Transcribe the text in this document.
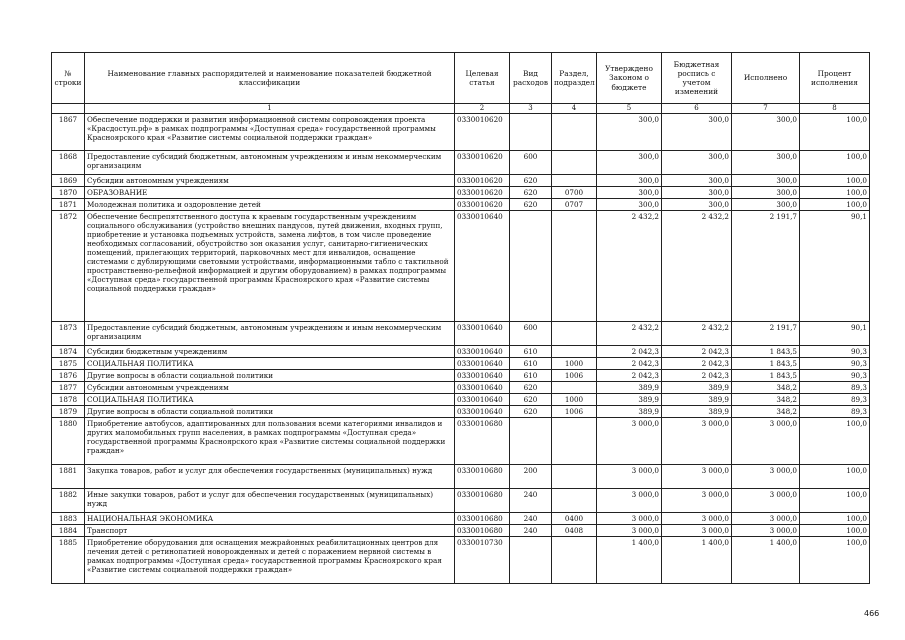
№ строки	Наименование главных распорядителей и наименование показателей бюджетной классификации	Целевая статья	Вид расходов	Раздел, подраздел	Утверждено Законом о бюджете	Бюджетная роспись с учетом изменений	Исполнено	Процент исполнения
	1	2	3	4	5	6	7	8
1867	Обеспечение поддержки и развития информационной системы сопровождения проекта «Красдоступ.рф» в рамках подпрограммы «Доступная среда» государственной программы Красноярского края «Развитие системы социальной поддержки граждан»	0330010620			300,0	300,0	300,0	100,0
1868	Предоставление субсидий бюджетным, автономным учреждениям и иным некоммерческим организациям	0330010620	600		300,0	300,0	300,0	100,0
1869	Субсидии автономным учреждениям	0330010620	620		300,0	300,0	300,0	100,0
1870	ОБРАЗОВАНИЕ	0330010620	620	0700	300,0	300,0	300,0	100,0
1871	Молодежная политика и оздоровление детей	0330010620	620	0707	300,0	300,0	300,0	100,0
1872	Обеспечение беспрепятственного доступа к краевым государственным учреждениям социального обслуживания (устройство внешних пандусов, путей движения, входных групп, приобретение и установка подъемных устройств, замена лифтов, в том числе проведение необходимых согласований, обустройство зон оказания услуг, санитарно-гигиенических помещений, прилегающих территорий, парковочных мест для инвалидов, оснащение системами с дублирующими световыми устройствами, информационными табло с тактильной пространственно-рельефной информацией и другим оборудованием) в рамках подпрограммы «Доступная среда» государственной программы Красноярского края «Развитие системы социальной поддержки граждан»	0330010640			2 432,2	2 432,2	2 191,7	90,1
1873	Предоставление субсидий бюджетным, автономным учреждениям и иным некоммерческим организациям	0330010640	600		2 432,2	2 432,2	2 191,7	90,1
1874	Субсидии бюджетным учреждениям	0330010640	610		2 042,3	2 042,3	1 843,5	90,3
1875	СОЦИАЛЬНАЯ ПОЛИТИКА	0330010640	610	1000	2 042,3	2 042,3	1 843,5	90,3
1876	Другие вопросы в области социальной политики	0330010640	610	1006	2 042,3	2 042,3	1 843,5	90,3
1877	Субсидии автономным учреждениям	0330010640	620		389,9	389,9	348,2	89,3
1878	СОЦИАЛЬНАЯ ПОЛИТИКА	0330010640	620	1000	389,9	389,9	348,2	89,3
1879	Другие вопросы в области социальной политики	0330010640	620	1006	389,9	389,9	348,2	89,3
1880	Приобретение автобусов, адаптированных для пользования всеми категориями инвалидов и других маломобильных групп населения, в рамках подпрограммы «Доступная среда» государственной программы Красноярского края «Развитие системы социальной поддержки граждан»	0330010680			3 000,0	3 000,0	3 000,0	100,0
1881	Закупка товаров, работ и услуг для обеспечения государственных (муниципальных) нужд	0330010680	200		3 000,0	3 000,0	3 000,0	100,0
1882	Иные закупки товаров, работ и услуг для обеспечения государственных (муниципальных) нужд	0330010680	240		3 000,0	3 000,0	3 000,0	100,0
1883	НАЦИОНАЛЬНАЯ ЭКОНОМИКА	0330010680	240	0400	3 000,0	3 000,0	3 000,0	100,0
1884	Транспорт	0330010680	240	0408	3 000,0	3 000,0	3 000,0	100,0
1885	Приобретение оборудования для оснащения межрайонных реабилитационных центров для лечения детей с ретинопатией новорожденных и детей с поражением нервной системы в рамках подпрограммы «Доступная среда» государственной программы Красноярского края «Развитие системы социальной поддержки граждан»	0330010730			1 400,0	1 400,0	1 400,0	100,0
466
